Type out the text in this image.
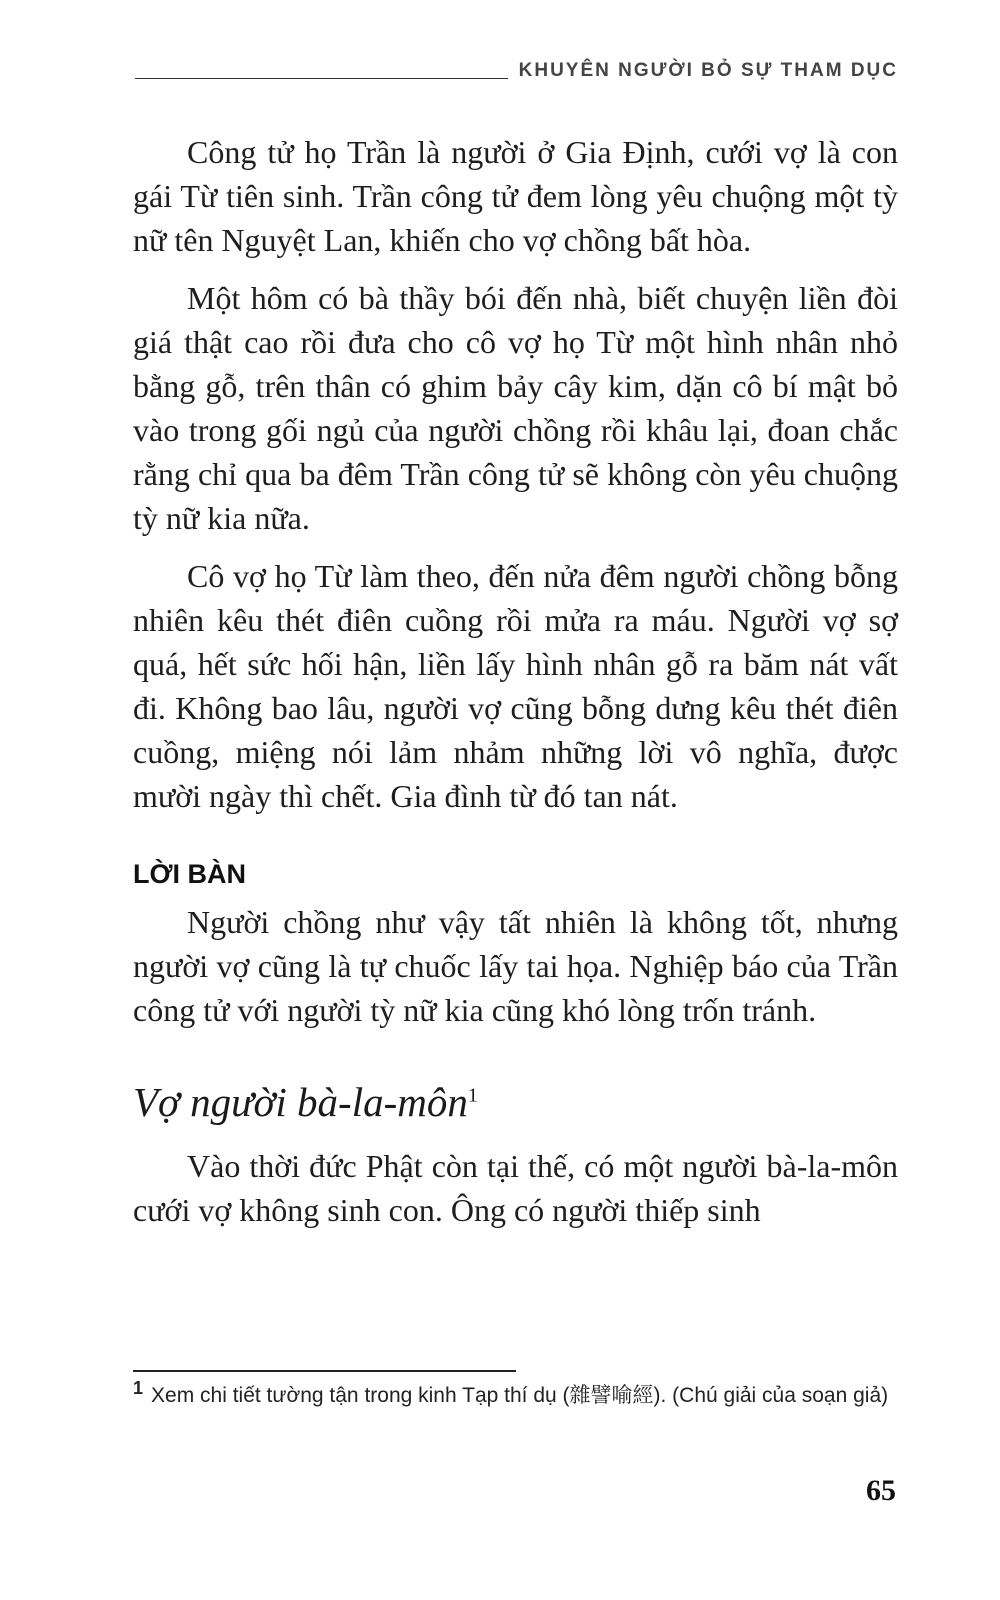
KHUYÊN NGƯỜI BỎ SỰ THAM DỤC

Công tử họ Trần là người ở Gia Định, cưới vợ là con gái Từ tiên sinh. Trần công tử đem lòng yêu chuộng một tỳ nữ tên Nguyệt Lan, khiến cho vợ chồng bất hòa.

Một hôm có bà thầy bói đến nhà, biết chuyện liền đòi giá thật cao rồi đưa cho cô vợ họ Từ một hình nhân nhỏ bằng gỗ, trên thân có ghim bảy cây kim, dặn cô bí mật bỏ vào trong gối ngủ của người chồng rồi khâu lại, đoan chắc rằng chỉ qua ba đêm Trần công tử sẽ không còn yêu chuộng tỳ nữ kia nữa.

Cô vợ họ Từ làm theo, đến nửa đêm người chồng bỗng nhiên kêu thét điên cuồng rồi mửa ra máu. Người vợ sợ quá, hết sức hối hận, liền lấy hình nhân gỗ ra băm nát vất đi. Không bao lâu, người vợ cũng bỗng dưng kêu thét điên cuồng, miệng nói lảm nhảm những lời vô nghĩa, được mười ngày thì chết. Gia đình từ đó tan nát.

LỜI BÀN

Người chồng như vậy tất nhiên là không tốt, nhưng người vợ cũng là tự chuốc lấy tai họa. Nghiệp báo của Trần công tử với người tỳ nữ kia cũng khó lòng trốn tránh.

Vợ người bà-la-môn$^1$

Vào thời đức Phật còn tại thế, có một người bà-la-môn cưới vợ không sinh con. Ông có người thiếp sinh

1 Xem chi tiết tường tận trong kinh Tạp thí dụ (雜譬喻經). (Chú giải của soạn giả)
65
